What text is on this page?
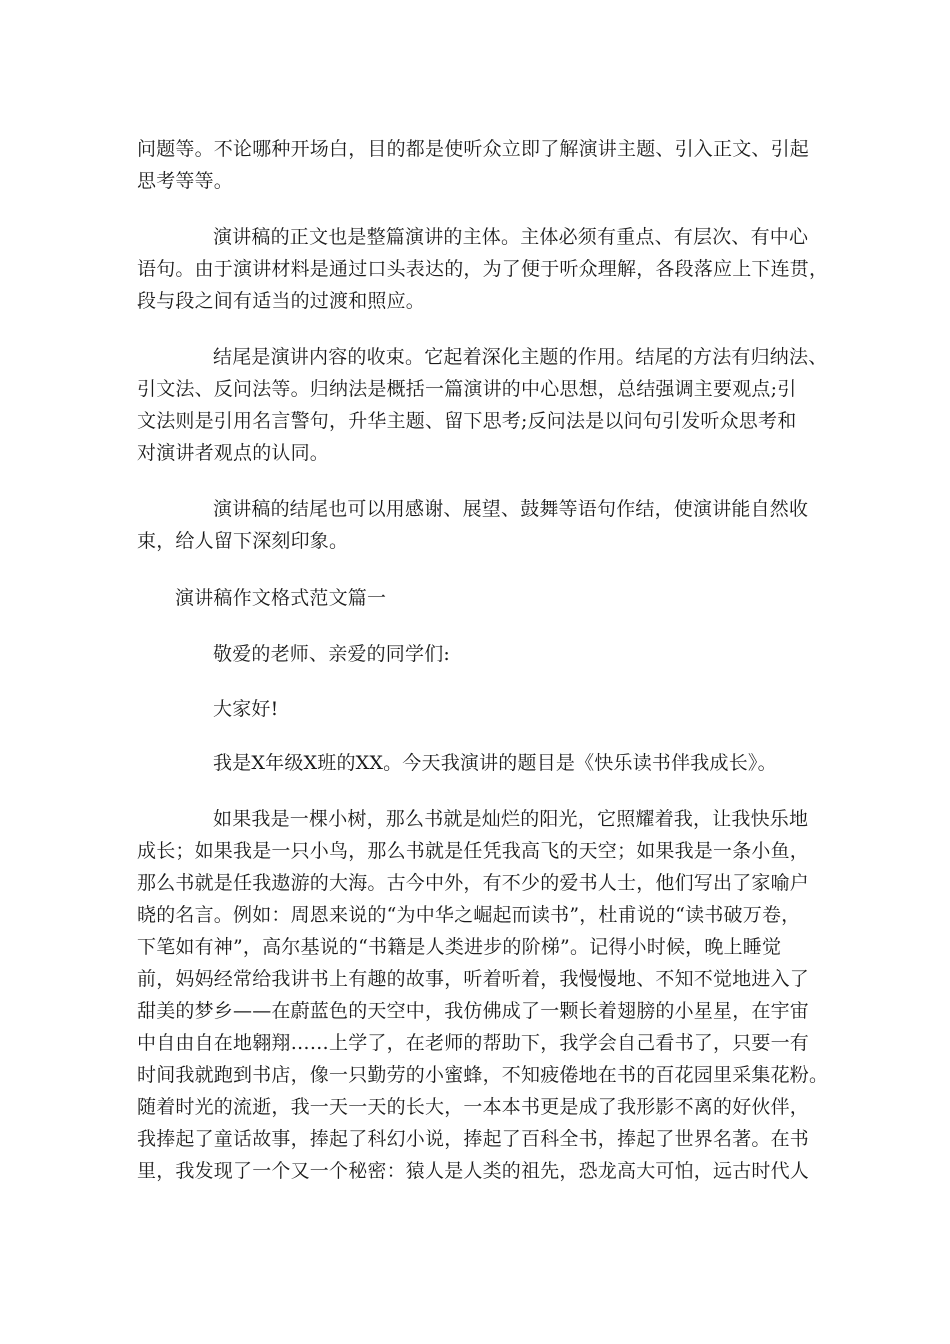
问题等。不论哪种开场白，目的都是使听众立即了解演讲主题、引入正文、引起
思考等等。
演讲稿的正文也是整篇演讲的主体。主体必须有重点、有层次、有中心
语句。由于演讲材料是通过口头表达的，为了便于听众理解，各段落应上下连贯，
段与段之间有适当的过渡和照应。
结尾是演讲内容的收束。它起着深化主题的作用。结尾的方法有归纳法、
引文法、反问法等。归纳法是概括一篇演讲的中心思想，总结强调主要观点;引
文法则是引用名言警句，升华主题、留下思考;反问法是以问句引发听众思考和
对演讲者观点的认同。
演讲稿的结尾也可以用感谢、展望、鼓舞等语句作结，使演讲能自然收
束，给人留下深刻印象。
演讲稿作文格式范文篇一
敬爱的老师、亲爱的同学们:
大家好!
我是X年级X班的XX。今天我演讲的题目是《快乐读书伴我成长》。
如果我是一棵小树，那么书就是灿烂的阳光，它照耀着我，让我快乐地
成长；如果我是一只小鸟，那么书就是任凭我高飞的天空；如果我是一条小鱼，
那么书就是任我遨游的大海。古今中外，有不少的爱书人士，他们写出了家喻户
晓的名言。例如：周恩来说的“为中华之崛起而读书”，杜甫说的“读书破万卷，
下笔如有神”，高尔基说的“书籍是人类进步的阶梯”。记得小时候，晚上睡觉
前，妈妈经常给我讲书上有趣的故事，听着听着，我慢慢地、不知不觉地进入了
甜美的梦乡——在蔚蓝色的天空中，我仿佛成了一颗长着翅膀的小星星，在宇宙
中自由自在地翱翔……上学了，在老师的帮助下，我学会自己看书了，只要一有
时间我就跑到书店，像一只勤劳的小蜜蜂，不知疲倦地在书的百花园里采集花粉。
随着时光的流逝，我一天一天的长大，一本本书更是成了我形影不离的好伙伴，
我捧起了童话故事，捧起了科幻小说，捧起了百科全书，捧起了世界名著。在书
里，我发现了一个又一个秘密：猿人是人类的祖先，恐龙高大可怕，远古时代人
